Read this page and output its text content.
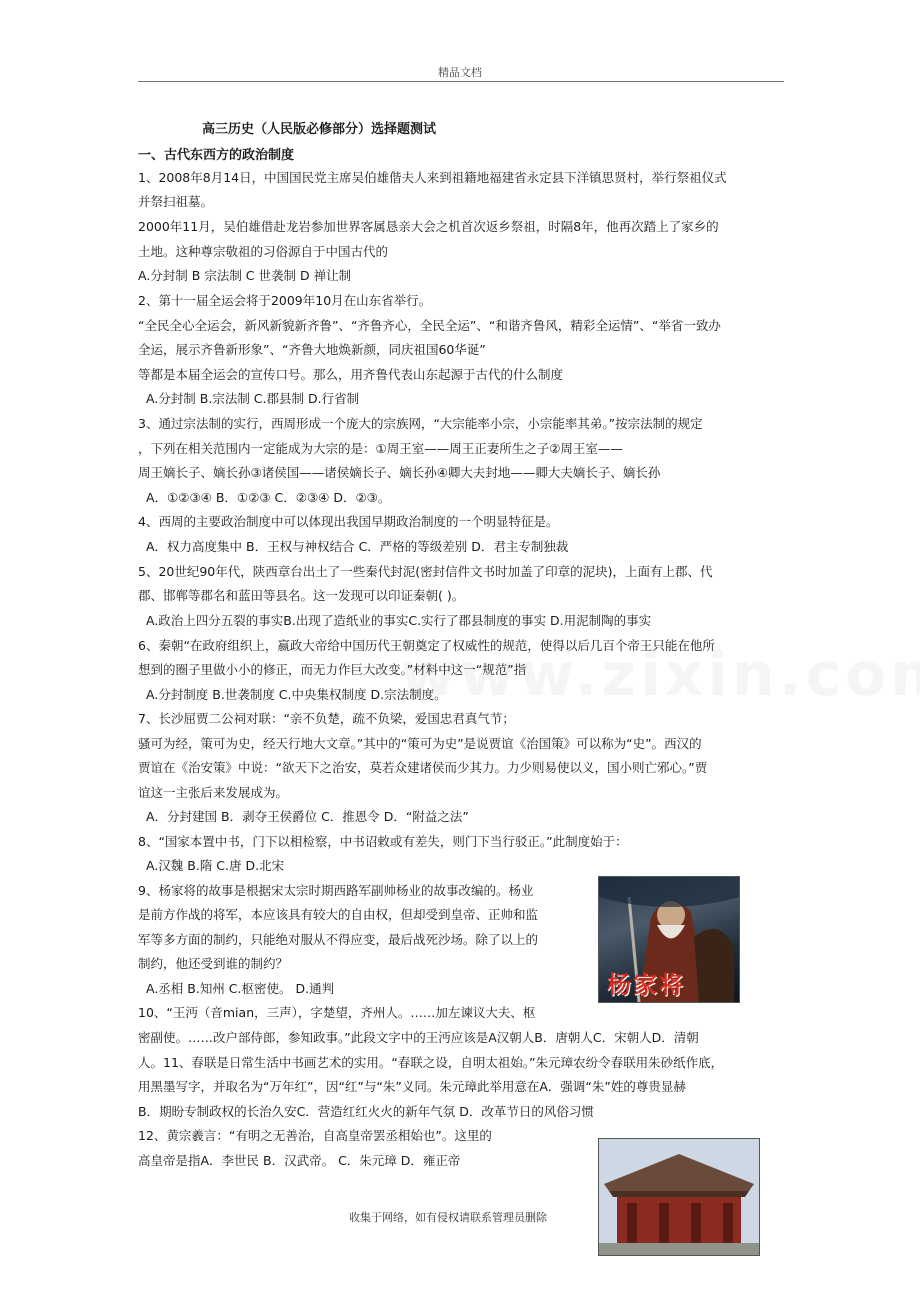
精品文档
高三历史（人民版必修部分）选择题测试
一、古代东西方的政治制度
1、2008年8月14日，中国国民党主席吴伯雄偕夫人来到祖籍地福建省永定县下洋镇思贤村，举行祭祖仪式
并祭扫祖墓。
2000年11月，吴伯雄借赴龙岩参加世界客属恳亲大会之机首次返乡祭祖，时隔8年，他再次踏上了家乡的
土地。这种尊宗敬祖的习俗源自于中国古代的
A.分封制 B 宗法制 C 世袭制 D 禅让制
2、第十一届全运会将于2009年10月在山东省举行。
“全民全心全运会，新风新貌新齐鲁”、“齐鲁齐心，全民全运”、“和谐齐鲁风，精彩全运情”、“举省一致办
全运，展示齐鲁新形象”、“齐鲁大地焕新颜，同庆祖国60华诞”
等都是本届全运会的宣传口号。那么，用齐鲁代表山东起源于古代的什么制度
A.分封制 B.宗法制 C.郡县制 D.行省制
3、通过宗法制的实行，西周形成一个庞大的宗族网，“大宗能率小宗，小宗能率其弟。”按宗法制的规定
，下列在相关范围内一定能成为大宗的是：①周王室——周王正妻所生之子②周王室——
周王嫡长子、嫡长孙③诸侯国——诸侯嫡长子、嫡长孙④卿大夫封地——卿大夫嫡长子、嫡长孙
A．①②③④ B．①②③ C．②③④ D．②③。
4、西周的主要政治制度中可以体现出我国早期政治制度的一个明显特征是。
A．权力高度集中 B．王权与神权结合 C．严格的等级差别 D．君主专制独裁
5、20世纪90年代，陕西章台出土了一些秦代封泥(密封信件文书时加盖了印章的泥块)，上面有上郡、代
郡、邯郸等郡名和蓝田等县名。这一发现可以印证秦朝( )。
A.政治上四分五裂的事实B.出现了造纸业的事实C.实行了郡县制度的事实 D.用泥制陶的事实
6、秦朝“在政府组织上，嬴政大帝给中国历代王朝奠定了权威性的规范，使得以后几百个帝王只能在他所
想到的圈子里做小小的修正，而无力作巨大改变。”材料中这一“规范”指
A.分封制度 B.世袭制度 C.中央集权制度 D.宗法制度。
7、长沙屈贾二公祠对联：“亲不负楚，疏不负梁，爱国忠君真气节；
骚可为经，策可为史，经天行地大文章。”其中的“策可为史”是说贾谊《治国策》可以称为“史”。西汉的
贾谊在《治安策》中说：“欲天下之治安，莫若众建诸侯而少其力。力少则易使以义，国小则亡邪心。”贾
谊这一主张后来发展成为。
A．分封建国 B．剥夺王侯爵位 C．推恩令 D．“附益之法”
8、“国家本置中书，门下以相检察，中书诏敕或有差失，则门下当行驳正。”此制度始于：
A.汉魏 B.隋 C.唐 D.北宋
9、杨家将的故事是根据宋太宗时期西路军副帅杨业的故事改编的。杨业
是前方作战的将军，本应该具有较大的自由权，但却受到皇帝、正帅和监
军等多方面的制约，只能绝对服从不得应变，最后战死沙场。除了以上的
制约，他还受到谁的制约？
A.丞相 B.知州 C.枢密使。 D.通判
10、“王沔（音mian，三声），字楚望，齐州人。……加左谏议大夫、枢
密副使。……改户部侍郎，参知政事。”此段文字中的王沔应该是A汉朝人B．唐朝人C．宋朝人D．清朝
人。11、春联是日常生活中书画艺术的实用。“春联之设，自明太祖始。”朱元璋农纷令春联用朱砂纸作底，
用黑墨写字，并取名为“万年红”，因“红”与“朱”义同。朱元璋此举用意在A．强调“朱”姓的尊贵显赫
B．期盼专制政权的长治久安C．营造红红火火的新年气氛 D．改革节日的风俗习惯
12、黄宗羲言：“有明之无善治，自高皇帝罢丞相始也”。这里的
高皇帝是指A．李世民 B．汉武帝。 C．朱元璋 D．雍正帝
杨家将
收集于网络，如有侵权请联系管理员删除
